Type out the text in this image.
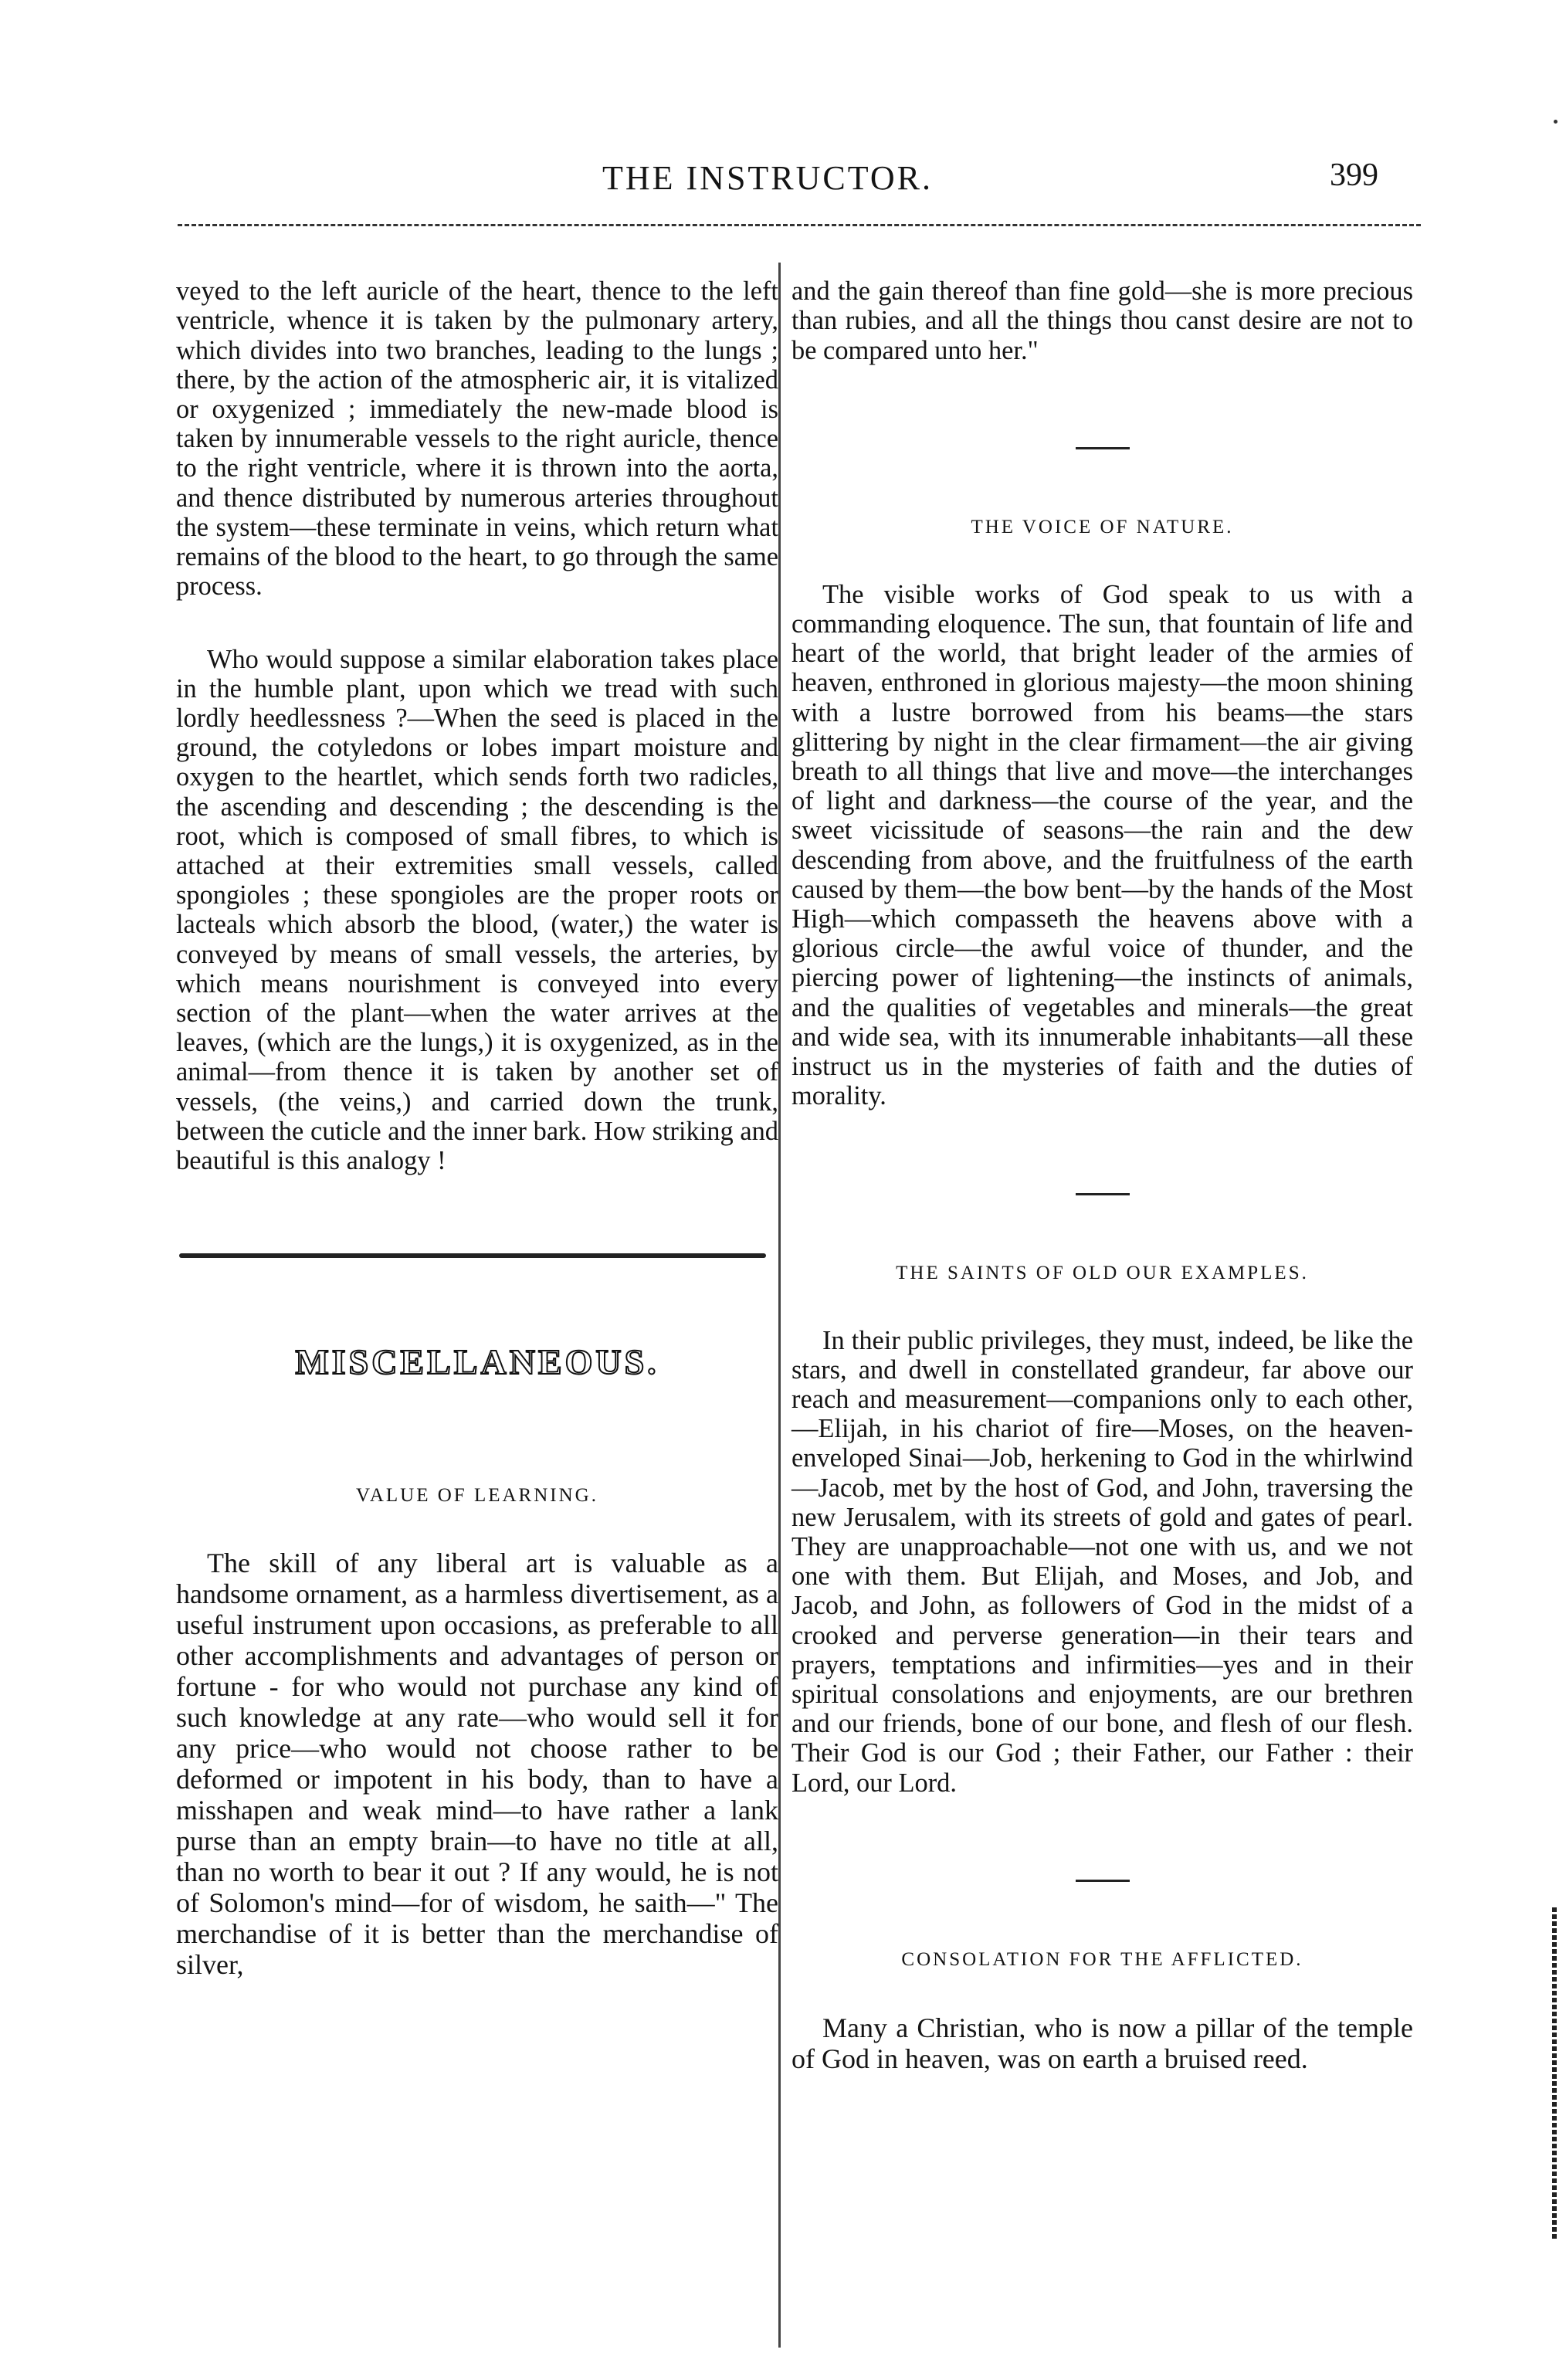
THE INSTRUCTOR.	399

veyed to the left auricle of the heart, thence to the left ventricle, whence it is taken by the pulmonary artery, which divides into two branches, leading to the lungs ; there, by the action of the atmospheric air, it is vitalized or oxygenized ; immediately the new-made blood is taken by innumerable vessels to the right auricle, thence to the right ventricle, where it is thrown into the aorta, and thence distributed by numerous arteries throughout the system—these terminate in veins, which return what remains of the blood to the heart, to go through the same process.

Who would suppose a similar elaboration takes place in the humble plant, upon which we tread with such lordly heedlessness ?—When the seed is placed in the ground, the cotyledons or lobes impart moisture and oxygen to the heartlet, which sends forth two radicles, the ascending and descending ; the descending is the root, which is composed of small fibres, to which is attached at their extremities small vessels, called spongioles ; these spongioles are the proper roots or lacteals which absorb the blood, (water,) the water is conveyed by means of small vessels, the arteries, by which means nourishment is conveyed into every section of the plant—when the water arrives at the leaves, (which are the lungs,) it is oxygenized, as in the animal—from thence it is taken by another set of vessels, (the veins,) and carried down the trunk, between the cuticle and the inner bark. How striking and beautiful is this analogy !

MISCELLANEOUS.

VALUE OF LEARNING.

The skill of any liberal art is valuable as a handsome ornament, as a harmless divertisement, as a useful instrument upon occasions, as preferable to all other accomplishments and advantages of person or fortune - for who would not purchase any kind of such knowledge at any rate—who would sell it for any price—who would not choose rather to be deformed or impotent in his body, than to have a misshapen and weak mind—to have rather a lank purse than an empty brain—to have no title at all, than no worth to bear it out ? If any would, he is not of Solomon's mind—for of wisdom, he saith—" The merchandise of it is better than the merchandise of silver,

and the gain thereof than fine gold—she is more precious than rubies, and all the things thou canst desire are not to be compared unto her."

THE VOICE OF NATURE.

The visible works of God speak to us with a commanding eloquence. The sun, that fountain of life and heart of the world, that bright leader of the armies of heaven, enthroned in glorious majesty—the moon shining with a lustre borrowed from his beams—the stars glittering by night in the clear firmament—the air giving breath to all things that live and move—the interchanges of light and darkness—the course of the year, and the sweet vicissitude of seasons—the rain and the dew descending from above, and the fruitfulness of the earth caused by them—the bow bent—by the hands of the Most High—which compasseth the heavens above with a glorious circle—the awful voice of thunder, and the piercing power of lightening—the instincts of animals, and the qualities of vegetables and minerals—the great and wide sea, with its innumerable inhabitants—all these instruct us in the mysteries of faith and the duties of morality.

THE SAINTS OF OLD OUR EXAMPLES.

In their public privileges, they must, indeed, be like the stars, and dwell in constellated grandeur, far above our reach and measurement—companions only to each other,—Elijah, in his chariot of fire—Moses, on the heaven-enveloped Sinai—Job, herkening to God in the whirlwind—Jacob, met by the host of God, and John, traversing the new Jerusalem, with its streets of gold and gates of pearl. They are unapproachable—not one with us, and we not one with them. But Elijah, and Moses, and Job, and Jacob, and John, as followers of God in the midst of a crooked and perverse generation—in their tears and prayers, temptations and infirmities—yes and in their spiritual consolations and enjoyments, are our brethren and our friends, bone of our bone, and flesh of our flesh. Their God is our God ; their Father, our Father : their Lord, our Lord.

CONSOLATION FOR THE AFFLICTED.

Many a Christian, who is now a pillar of the temple of God in heaven, was on earth a bruised reed.
